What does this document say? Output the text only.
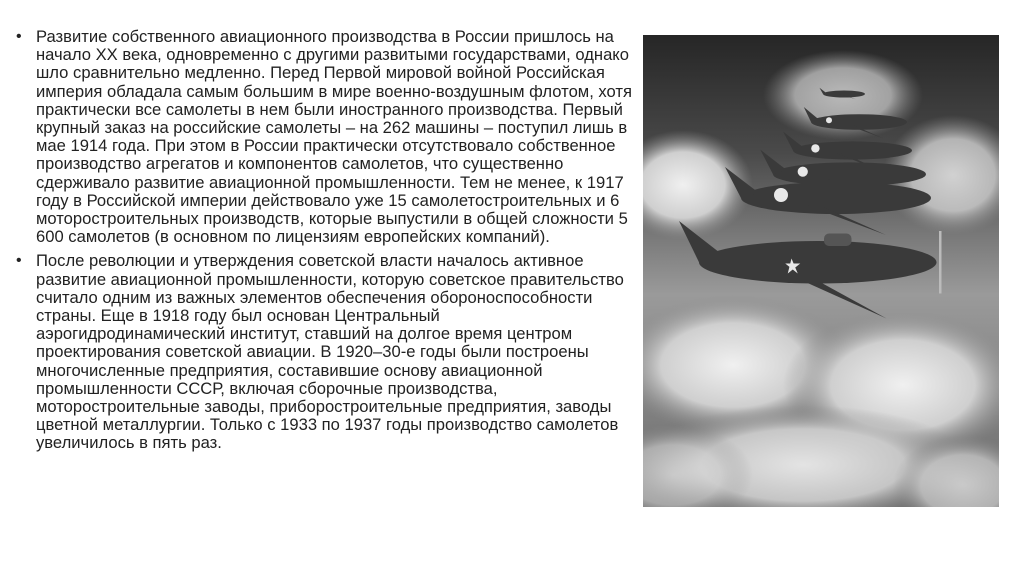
• Развитие собственного авиационного производства в России пришлось на начало XX века, одновременно с другими развитыми государствами, однако шло сравнительно медленно. Перед Первой мировой войной Российская империя обладала самым большим в мире военно-воздушным флотом, хотя практически все самолеты в нем были иностранного производства. Первый крупный заказ на российские самолеты – на 262 машины – поступил лишь в мае 1914 года. При этом в России практически отсутствовало собственное производство агрегатов и компонентов самолетов, что существенно сдерживало развитие авиационной промышленности. Тем не менее, к 1917 году в Российской империи действовало уже 15 самолетостроительных и 6 моторостроительных производств, которые выпустили в общей сложности 5 600 самолетов (в основном по лицензиям европейских компаний).
• После революции и утверждения советской власти началось активное развитие авиационной промышленности, которую советское правительство считало одним из важных элементов обеспечения обороноспособности страны. Еще в 1918 году был основан Центральный аэрогидродинамический институт, ставший на долгое время центром проектирования советской авиации. В 1920–30-е годы были построены многочисленные предприятия, составившие основу авиационной промышленности СССР, включая сборочные производства, моторостроительные заводы, приборостроительные предприятия, заводы цветной металлургии. Только с 1933 по 1937 годы производство самолетов увеличилось в пять раз.
